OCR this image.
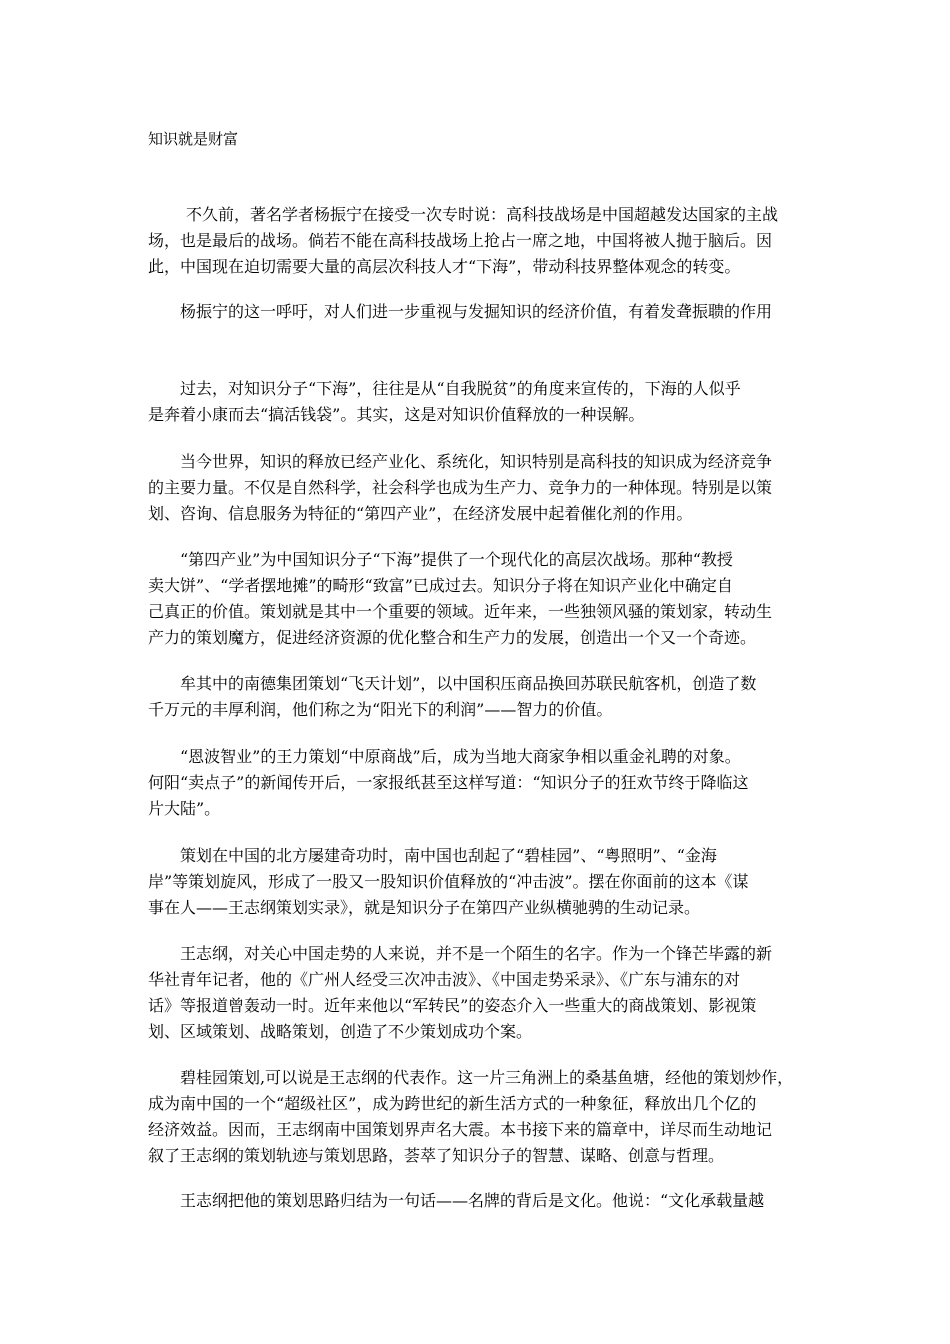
知识就是财富

不久前，著名学者杨振宁在接受一次专时说：高科技战场是中国超越发达国家的主战
场，也是最后的战场。倘若不能在高科技战场上抢占一席之地，中国将被人抛于脑后。因
此，中国现在迫切需要大量的高层次科技人才“下海”，带动科技界整体观念的转变。

杨振宁的这一呼吁，对人们进一步重视与发掘知识的经济价值，有着发聋振聩的作用

过去，对知识分子“下海”，往往是从“自我脱贫”的角度来宣传的，下海的人似乎
是奔着小康而去“搞活钱袋”。其实，这是对知识价值释放的一种误解。

当今世界，知识的释放已经产业化、系统化，知识特别是高科技的知识成为经济竞争
的主要力量。不仅是自然科学，社会科学也成为生产力、竞争力的一种体现。特别是以策
划、咨询、信息服务为特征的“第四产业”，在经济发展中起着催化剂的作用。

“第四产业”为中国知识分子“下海”提供了一个现代化的高层次战场。那种“教授
卖大饼”、“学者摆地摊”的畸形“致富”已成过去。知识分子将在知识产业化中确定自
己真正的价值。策划就是其中一个重要的领域。近年来，一些独领风骚的策划家，转动生
产力的策划魔方，促进经济资源的优化整合和生产力的发展，创造出一个又一个奇迹。

牟其中的南德集团策划“飞天计划”，以中国积压商品换回苏联民航客机，创造了数
千万元的丰厚利润，他们称之为“阳光下的利润”——智力的价值。

“恩波智业”的王力策划“中原商战”后，成为当地大商家争相以重金礼聘的对象。
何阳“卖点子”的新闻传开后，一家报纸甚至这样写道：“知识分子的狂欢节终于降临这
片大陆”。

策划在中国的北方屡建奇功时，南中国也刮起了“碧桂园”、“粤照明”、“金海
岸”等策划旋风，形成了一股又一股知识价值释放的“冲击波”。摆在你面前的这本《谋
事在人——王志纲策划实录》，就是知识分子在第四产业纵横驰骋的生动记录。

王志纲，对关心中国走势的人来说，并不是一个陌生的名字。作为一个锋芒毕露的新
华社青年记者，他的《广州人经受三次冲击波》、《中国走势采录》、《广东与浦东的对
话》等报道曾轰动一时。近年来他以“军转民”的姿态介入一些重大的商战策划、影视策
划、区域策划、战略策划，创造了不少策划成功个案。

碧桂园策划,可以说是王志纲的代表作。这一片三角洲上的桑基鱼塘，经他的策划炒作，
成为南中国的一个“超级社区”，成为跨世纪的新生活方式的一种象征，释放出几个亿的
经济效益。因而，王志纲南中国策划界声名大震。本书接下来的篇章中，详尽而生动地记
叙了王志纲的策划轨迹与策划思路，荟萃了知识分子的智慧、谋略、创意与哲理。

王志纲把他的策划思路归结为一句话——名牌的背后是文化。他说：“文化承载量越
